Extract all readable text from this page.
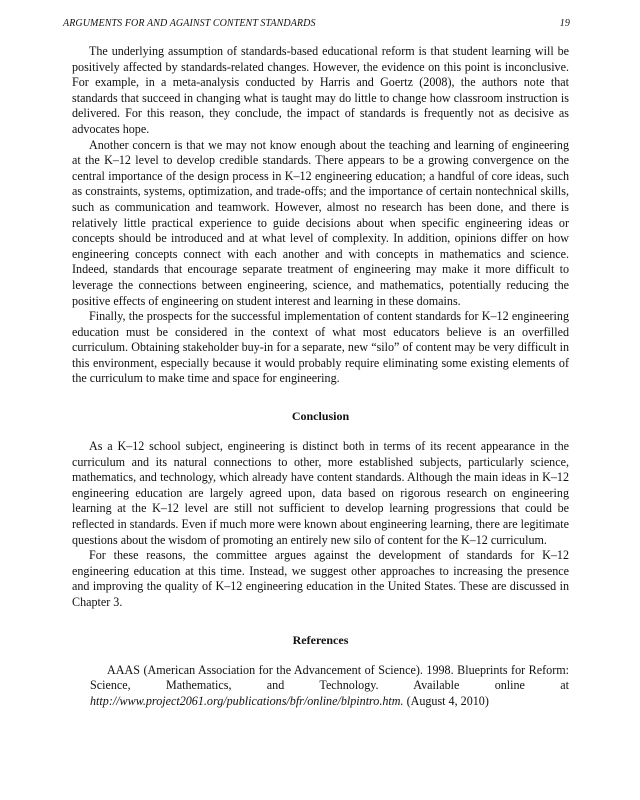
ARGUMENTS FOR AND AGAINST CONTENT STANDARDS	19

The underlying assumption of standards-based educational reform is that student learning will be positively affected by standards-related changes. However, the evidence on this point is inconclusive. For example, in a meta-analysis conducted by Harris and Goertz (2008), the authors note that standards that succeed in changing what is taught may do little to change how classroom instruction is delivered. For this reason, they conclude, the impact of standards is frequently not as decisive as advocates hope.

Another concern is that we may not know enough about the teaching and learning of engineering at the K–12 level to develop credible standards. There appears to be a growing convergence on the central importance of the design process in K–12 engineering education; a handful of core ideas, such as constraints, systems, optimization, and trade-offs; and the importance of certain nontechnical skills, such as communication and teamwork. However, almost no research has been done, and there is relatively little practical experience to guide decisions about when specific engineering ideas or concepts should be introduced and at what level of complexity. In addition, opinions differ on how engineering concepts connect with each another and with concepts in mathematics and science. Indeed, standards that encourage separate treatment of engineering may make it more difficult to leverage the connections between engineering, science, and mathematics, potentially reducing the positive effects of engineering on student interest and learning in these domains.

Finally, the prospects for the successful implementation of content standards for K–12 engineering education must be considered in the context of what most educators believe is an overfilled curriculum. Obtaining stakeholder buy-in for a separate, new “silo” of content may be very difficult in this environment, especially because it would probably require eliminating some existing elements of the curriculum to make time and space for engineering.

Conclusion

As a K–12 school subject, engineering is distinct both in terms of its recent appearance in the curriculum and its natural connections to other, more established subjects, particularly science, mathematics, and technology, which already have content standards. Although the main ideas in K–12 engineering education are largely agreed upon, data based on rigorous research on engineering learning at the K–12 level are still not sufficient to develop learning progressions that could be reflected in standards. Even if much more were known about engineering learning, there are legitimate questions about the wisdom of promoting an entirely new silo of content for the K–12 curriculum.

For these reasons, the committee argues against the development of standards for K–12 engineering education at this time. Instead, we suggest other approaches to increasing the presence and improving the quality of K–12 engineering education in the United States. These are discussed in Chapter 3.

References

AAAS (American Association for the Advancement of Science). 1998. Blueprints for Reform: Science, Mathematics, and Technology. Available online at http://www.project2061.org/publications/bfr/online/blpintro.htm. (August 4, 2010)
